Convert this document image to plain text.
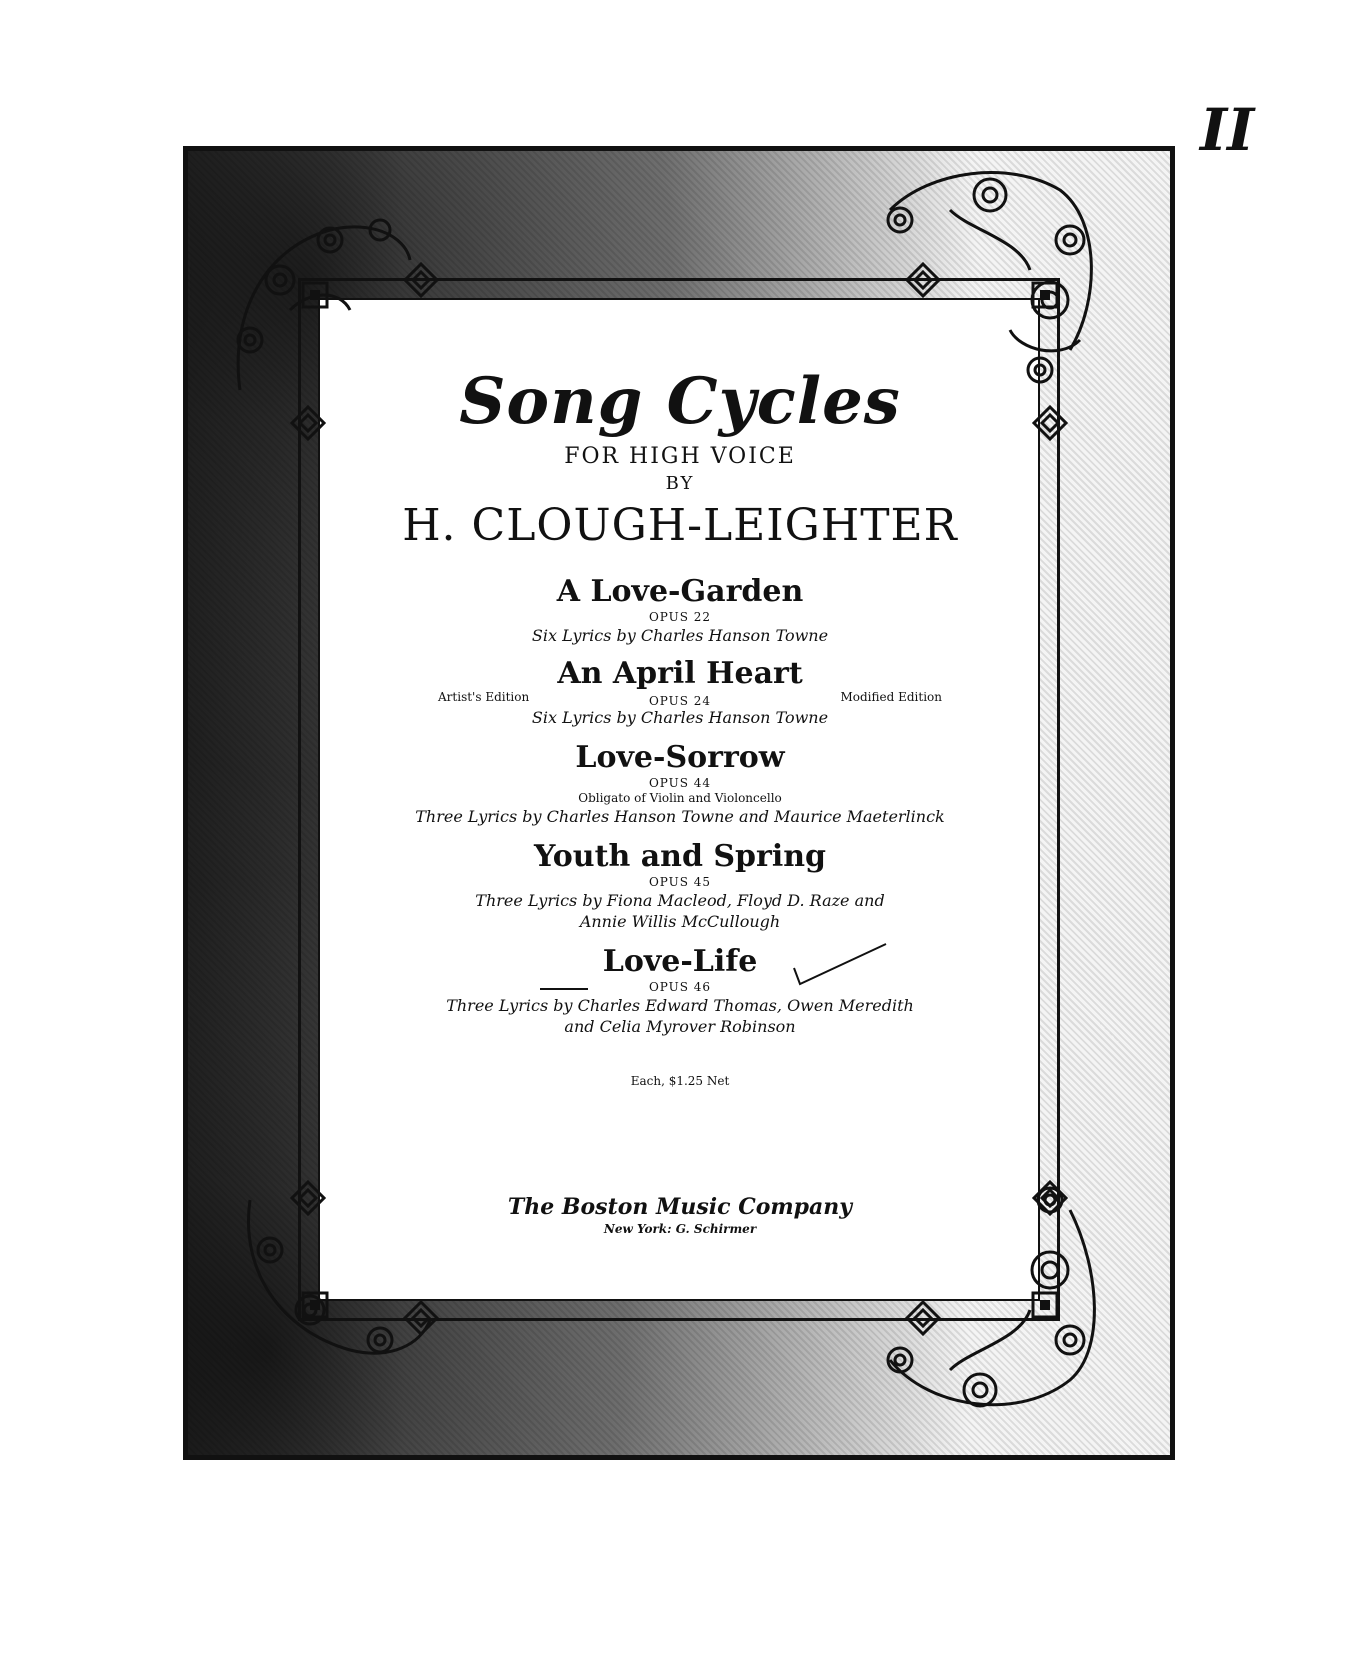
II
Song Cycles
FOR HIGH VOICE
BY
H. CLOUGH-LEIGHTER
A Love-Garden
OPUS 22
Six Lyrics by Charles Hanson Towne
An April Heart
Artist's Edition	OPUS 24	Modified Edition
Six Lyrics by Charles Hanson Towne
Love-Sorrow
OPUS 44
Obligato of Violin and Violoncello
Three Lyrics by Charles Hanson Towne and Maurice Maeterlinck
Youth and Spring
OPUS 45
Three Lyrics by Fiona Macleod, Floyd D. Raze and
Annie Willis McCullough
Love-Life
OPUS 46
Three Lyrics by Charles Edward Thomas, Owen Meredith
and Celia Myrover Robinson
Each, $1.25 Net
The Boston Music Company
New York: G. Schirmer
